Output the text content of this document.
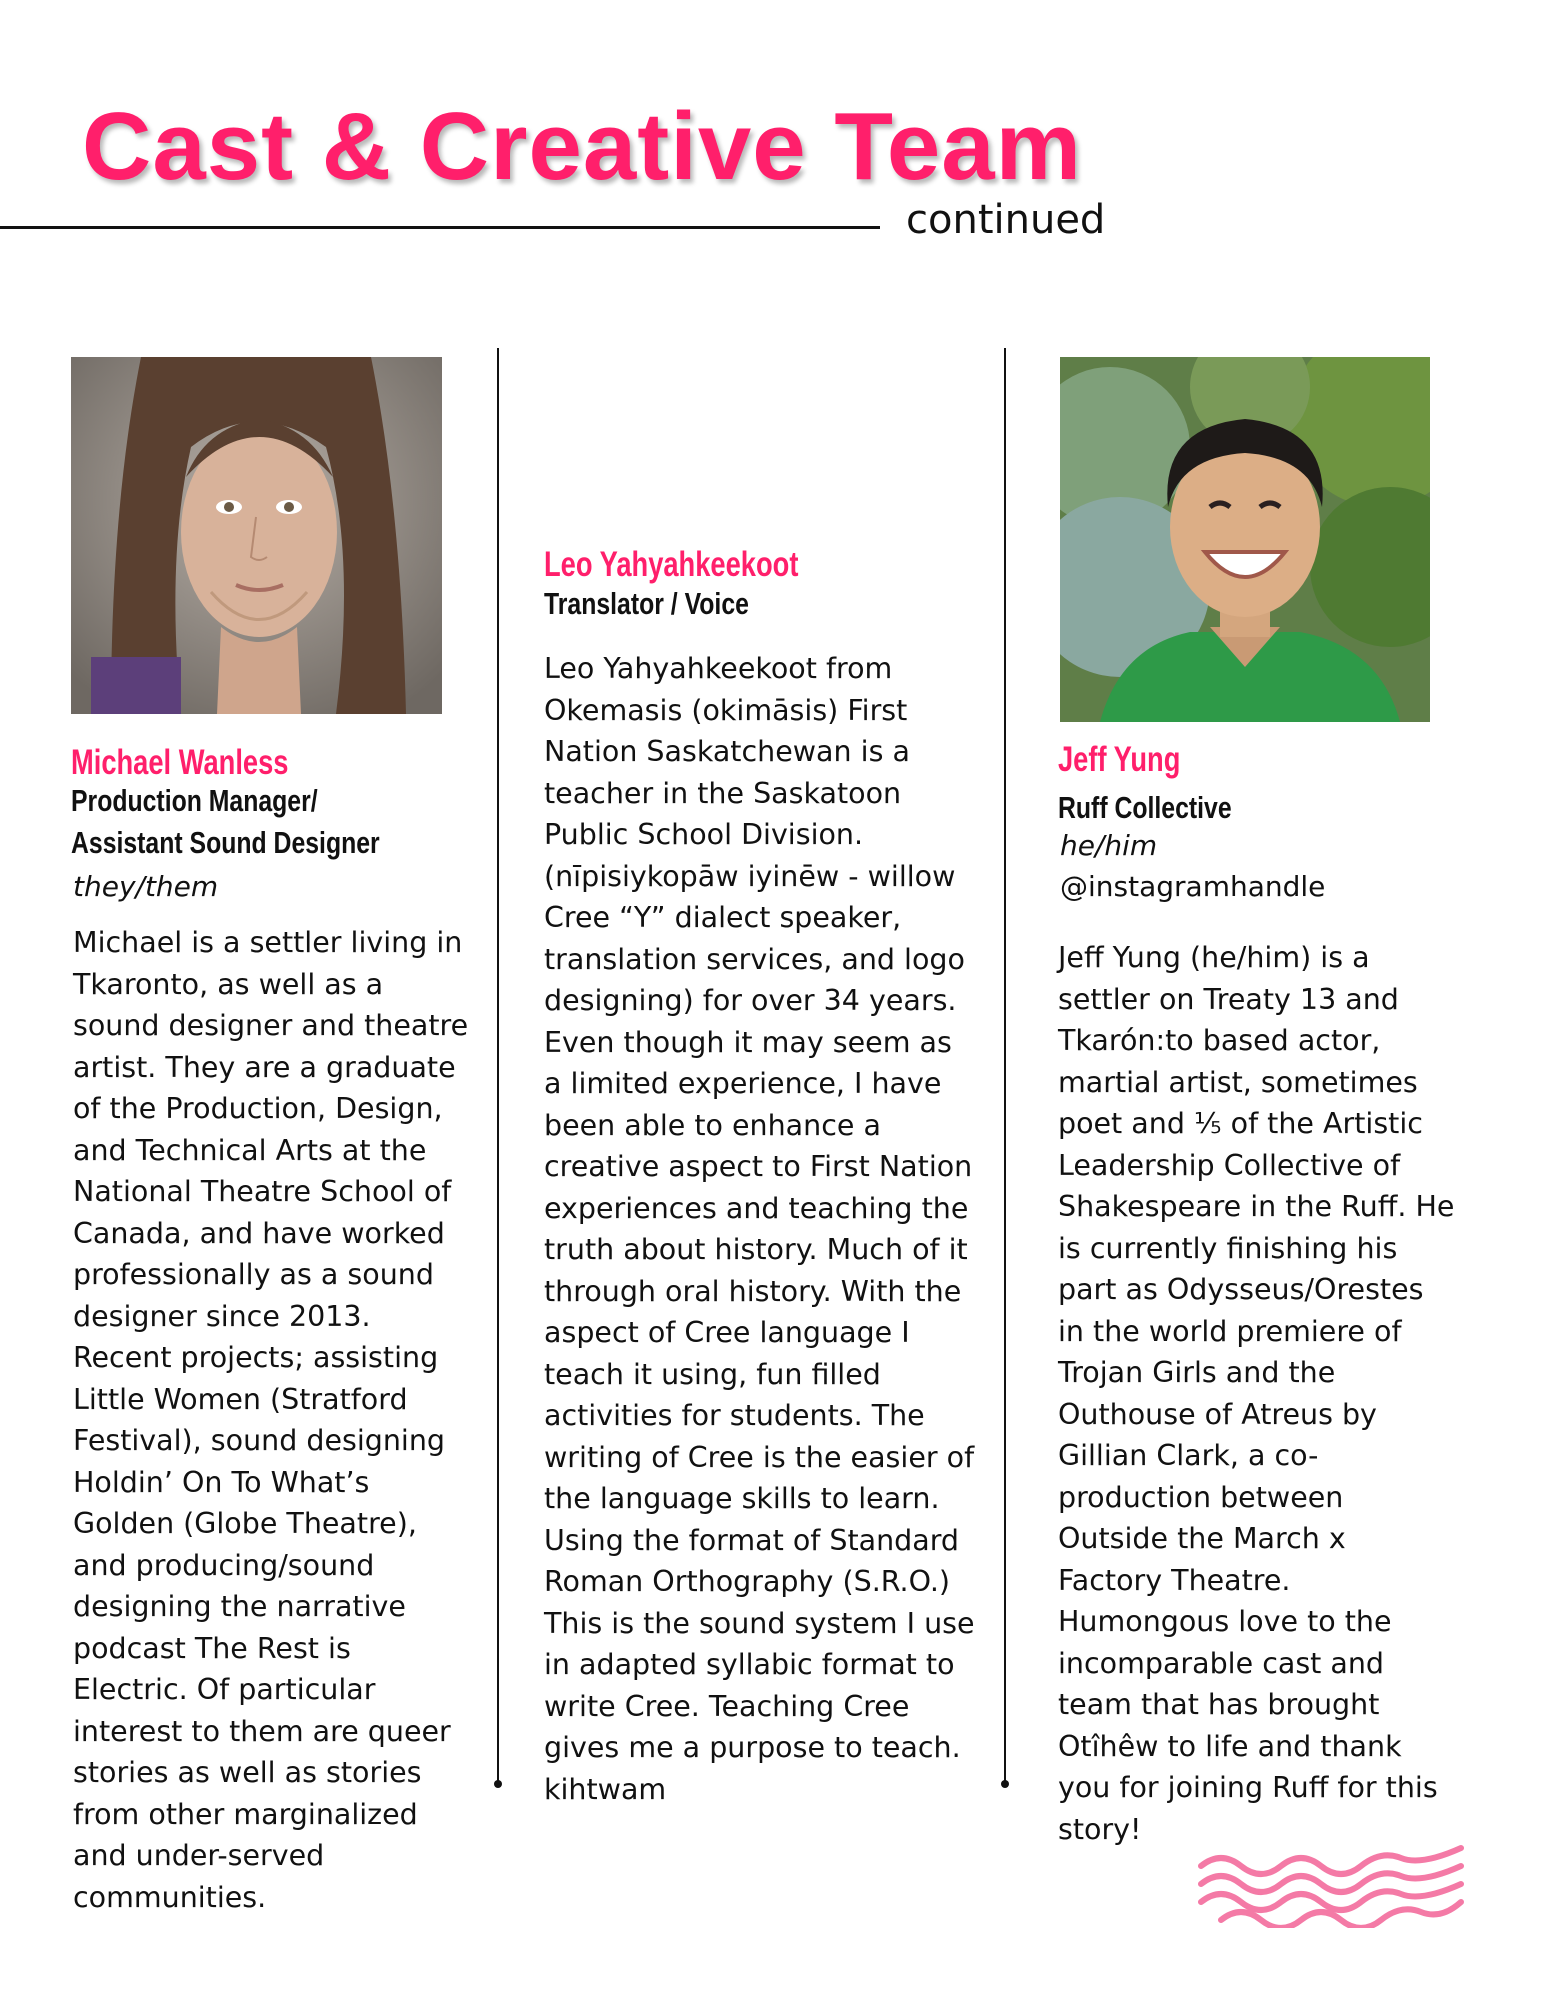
Cast & Creative Team
continued
Michael Wanless
Production Manager/
Assistant Sound Designer
they/them

Michael is a settler living in Tkaronto, as well as a sound designer and theatre artist. They are a graduate of the Production, Design, and Technical Arts at the National Theatre School of Canada, and have worked professionally as a sound designer since 2013. Recent projects; assisting Little Women (Stratford Festival), sound designing Holdin’ On To What’s Golden (Globe Theatre), and producing/sound designing the narrative podcast The Rest is Electric. Of particular interest to them are queer stories as well as stories from other marginalized and under-served communities.

Leo Yahyahkeekoot
Translator / Voice

Leo Yahyahkeekoot from Okemasis (okimāsis) First Nation Saskatchewan is a teacher in the Saskatoon Public School Division. (nīpisiykopāw iyinēw - willow Cree “Y” dialect speaker, translation services, and logo designing) for over 34 years. Even though it may seem as a limited experience, I have been able to enhance a creative aspect to First Nation experiences and teaching the truth about history. Much of it through oral history. With the aspect of Cree language I teach it using, fun filled activities for students. The writing of Cree is the easier of the language skills to learn. Using the format of Standard Roman Orthography (S.R.O.) This is the sound system I use in adapted syllabic format to write Cree. Teaching Cree gives me a purpose to teach. kihtwam

Jeff Yung
Ruff Collective
he/him
@instagramhandle

Jeff Yung (he/him) is a settler on Treaty 13 and Tkarón:to based actor, martial artist, sometimes poet and ⅕ of the Artistic Leadership Collective of Shakespeare in the Ruff. He is currently finishing his part as Odysseus/Orestes in the world premiere of Trojan Girls and the Outhouse of Atreus by Gillian Clark, a co-production between Outside the March x Factory Theatre. Humongous love to the incomparable cast and team that has brought Otîhêw to life and thank you for joining Ruff for this story!
